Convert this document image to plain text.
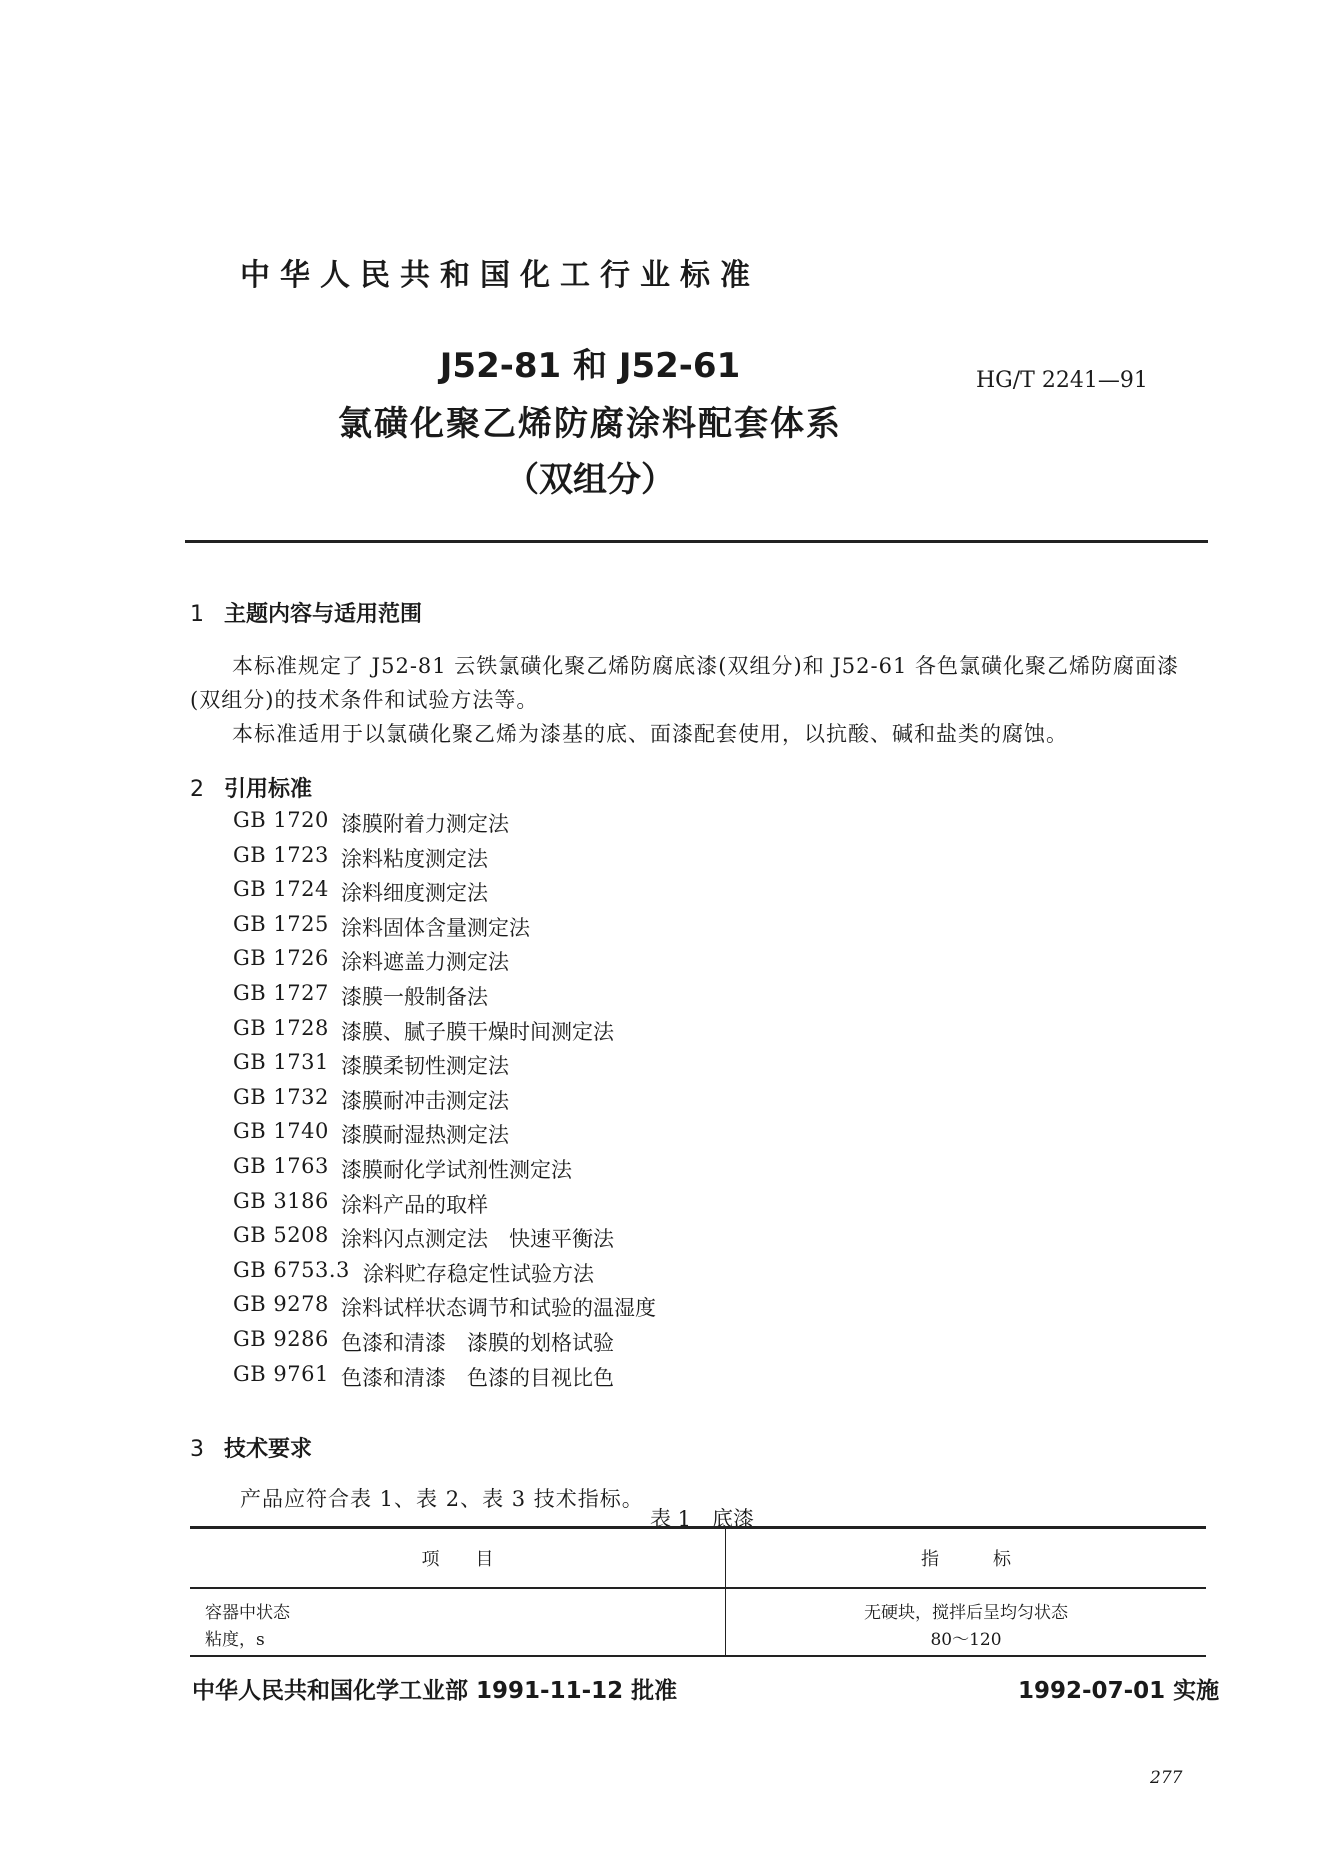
中华人民共和国化工行业标准
J52-81 和 J52-61
氯磺化聚乙烯防腐涂料配套体系
（双组分）
HG/T 2241—91
1 主题内容与适用范围
本标准规定了 J52-81 云铁氯磺化聚乙烯防腐底漆(双组分)和 J52-61 各色氯磺化聚乙烯防腐面漆
(双组分)的技术条件和试验方法等。
本标准适用于以氯磺化聚乙烯为漆基的底、面漆配套使用，以抗酸、碱和盐类的腐蚀。
2 引用标准
GB 1720 漆膜附着力测定法
GB 1723 涂料粘度测定法
GB 1724 涂料细度测定法
GB 1725 涂料固体含量测定法
GB 1726 涂料遮盖力测定法
GB 1727 漆膜一般制备法
GB 1728 漆膜、腻子膜干燥时间测定法
GB 1731 漆膜柔韧性测定法
GB 1732 漆膜耐冲击测定法
GB 1740 漆膜耐湿热测定法
GB 1763 漆膜耐化学试剂性测定法
GB 3186 涂料产品的取样
GB 5208 涂料闪点测定法　快速平衡法
GB 6753.3 涂料贮存稳定性试验方法
GB 9278 涂料试样状态调节和试验的温湿度
GB 9286 色漆和清漆　漆膜的划格试验
GB 9761 色漆和清漆　色漆的目视比色
3 技术要求
产品应符合表 1、表 2、表 3 技术指标。
表 1　底漆
项　　目	指　　　标
容器中状态	无硬块，搅拌后呈均匀状态
粘度，s	80～120
中华人民共和国化学工业部 1991-11-12 批准	1992-07-01 实施
277
